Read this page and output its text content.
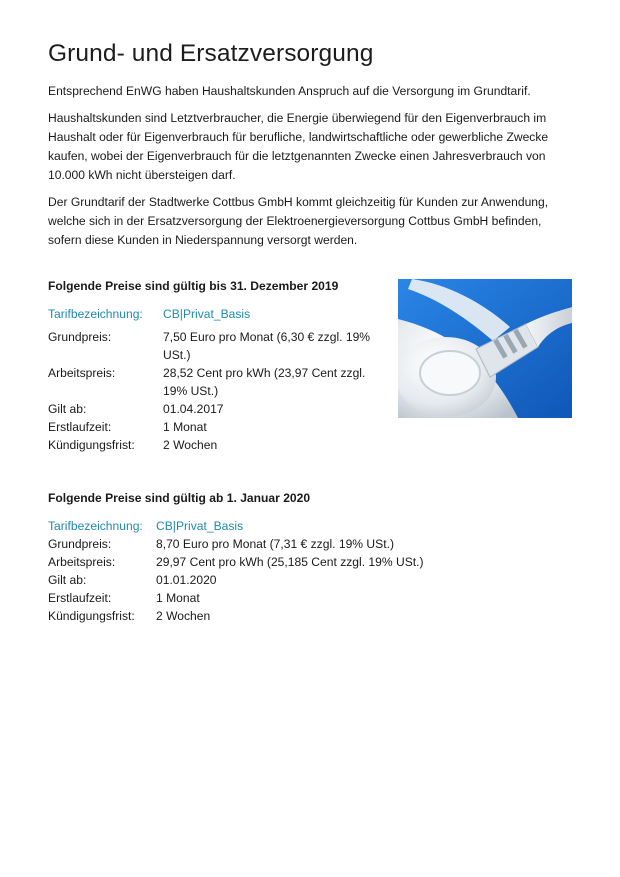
Grund- und Ersatzversorgung

Entsprechend EnWG haben Haushaltskunden Anspruch auf die Versorgung im Grundtarif.

Haushaltskunden sind Letztverbraucher, die Energie überwiegend für den Eigenverbrauch im Haushalt oder für Eigenverbrauch für berufliche, landwirtschaftliche oder gewerbliche Zwecke kaufen, wobei der Eigenverbrauch für die letztgenannten Zwecke einen Jahresverbrauch von 10.000 kWh nicht übersteigen darf.

Der Grundtarif der Stadtwerke Cottbus GmbH kommt gleichzeitig für Kunden zur Anwendung, welche sich in der Ersatzversorgung der Elektroenergieversorgung Cottbus GmbH befinden, sofern diese Kunden in Niederspannung versorgt werden.

Folgende Preise sind gültig bis 31. Dezember 2019
Tarifbezeichnung:	CB|Privat_Basis
Grundpreis:	7,50 Euro pro Monat (6,30 € zzgl. 19% USt.)
Arbeitspreis:	28,52 Cent pro kWh (23,97 Cent zzgl. 19% USt.)
Gilt ab:	01.04.2017
Erstlaufzeit:	1 Monat
Kündigungsfrist:	2 Wochen
Folgende Preise sind gültig ab 1. Januar 2020
Tarifbezeichnung:	CB|Privat_Basis
Grundpreis:	8,70 Euro pro Monat (7,31 € zzgl. 19% USt.)
Arbeitspreis:	29,97 Cent pro kWh (25,185 Cent zzgl. 19% USt.)
Gilt ab:	01.01.2020
Erstlaufzeit:	1 Monat
Kündigungsfrist:	2 Wochen
